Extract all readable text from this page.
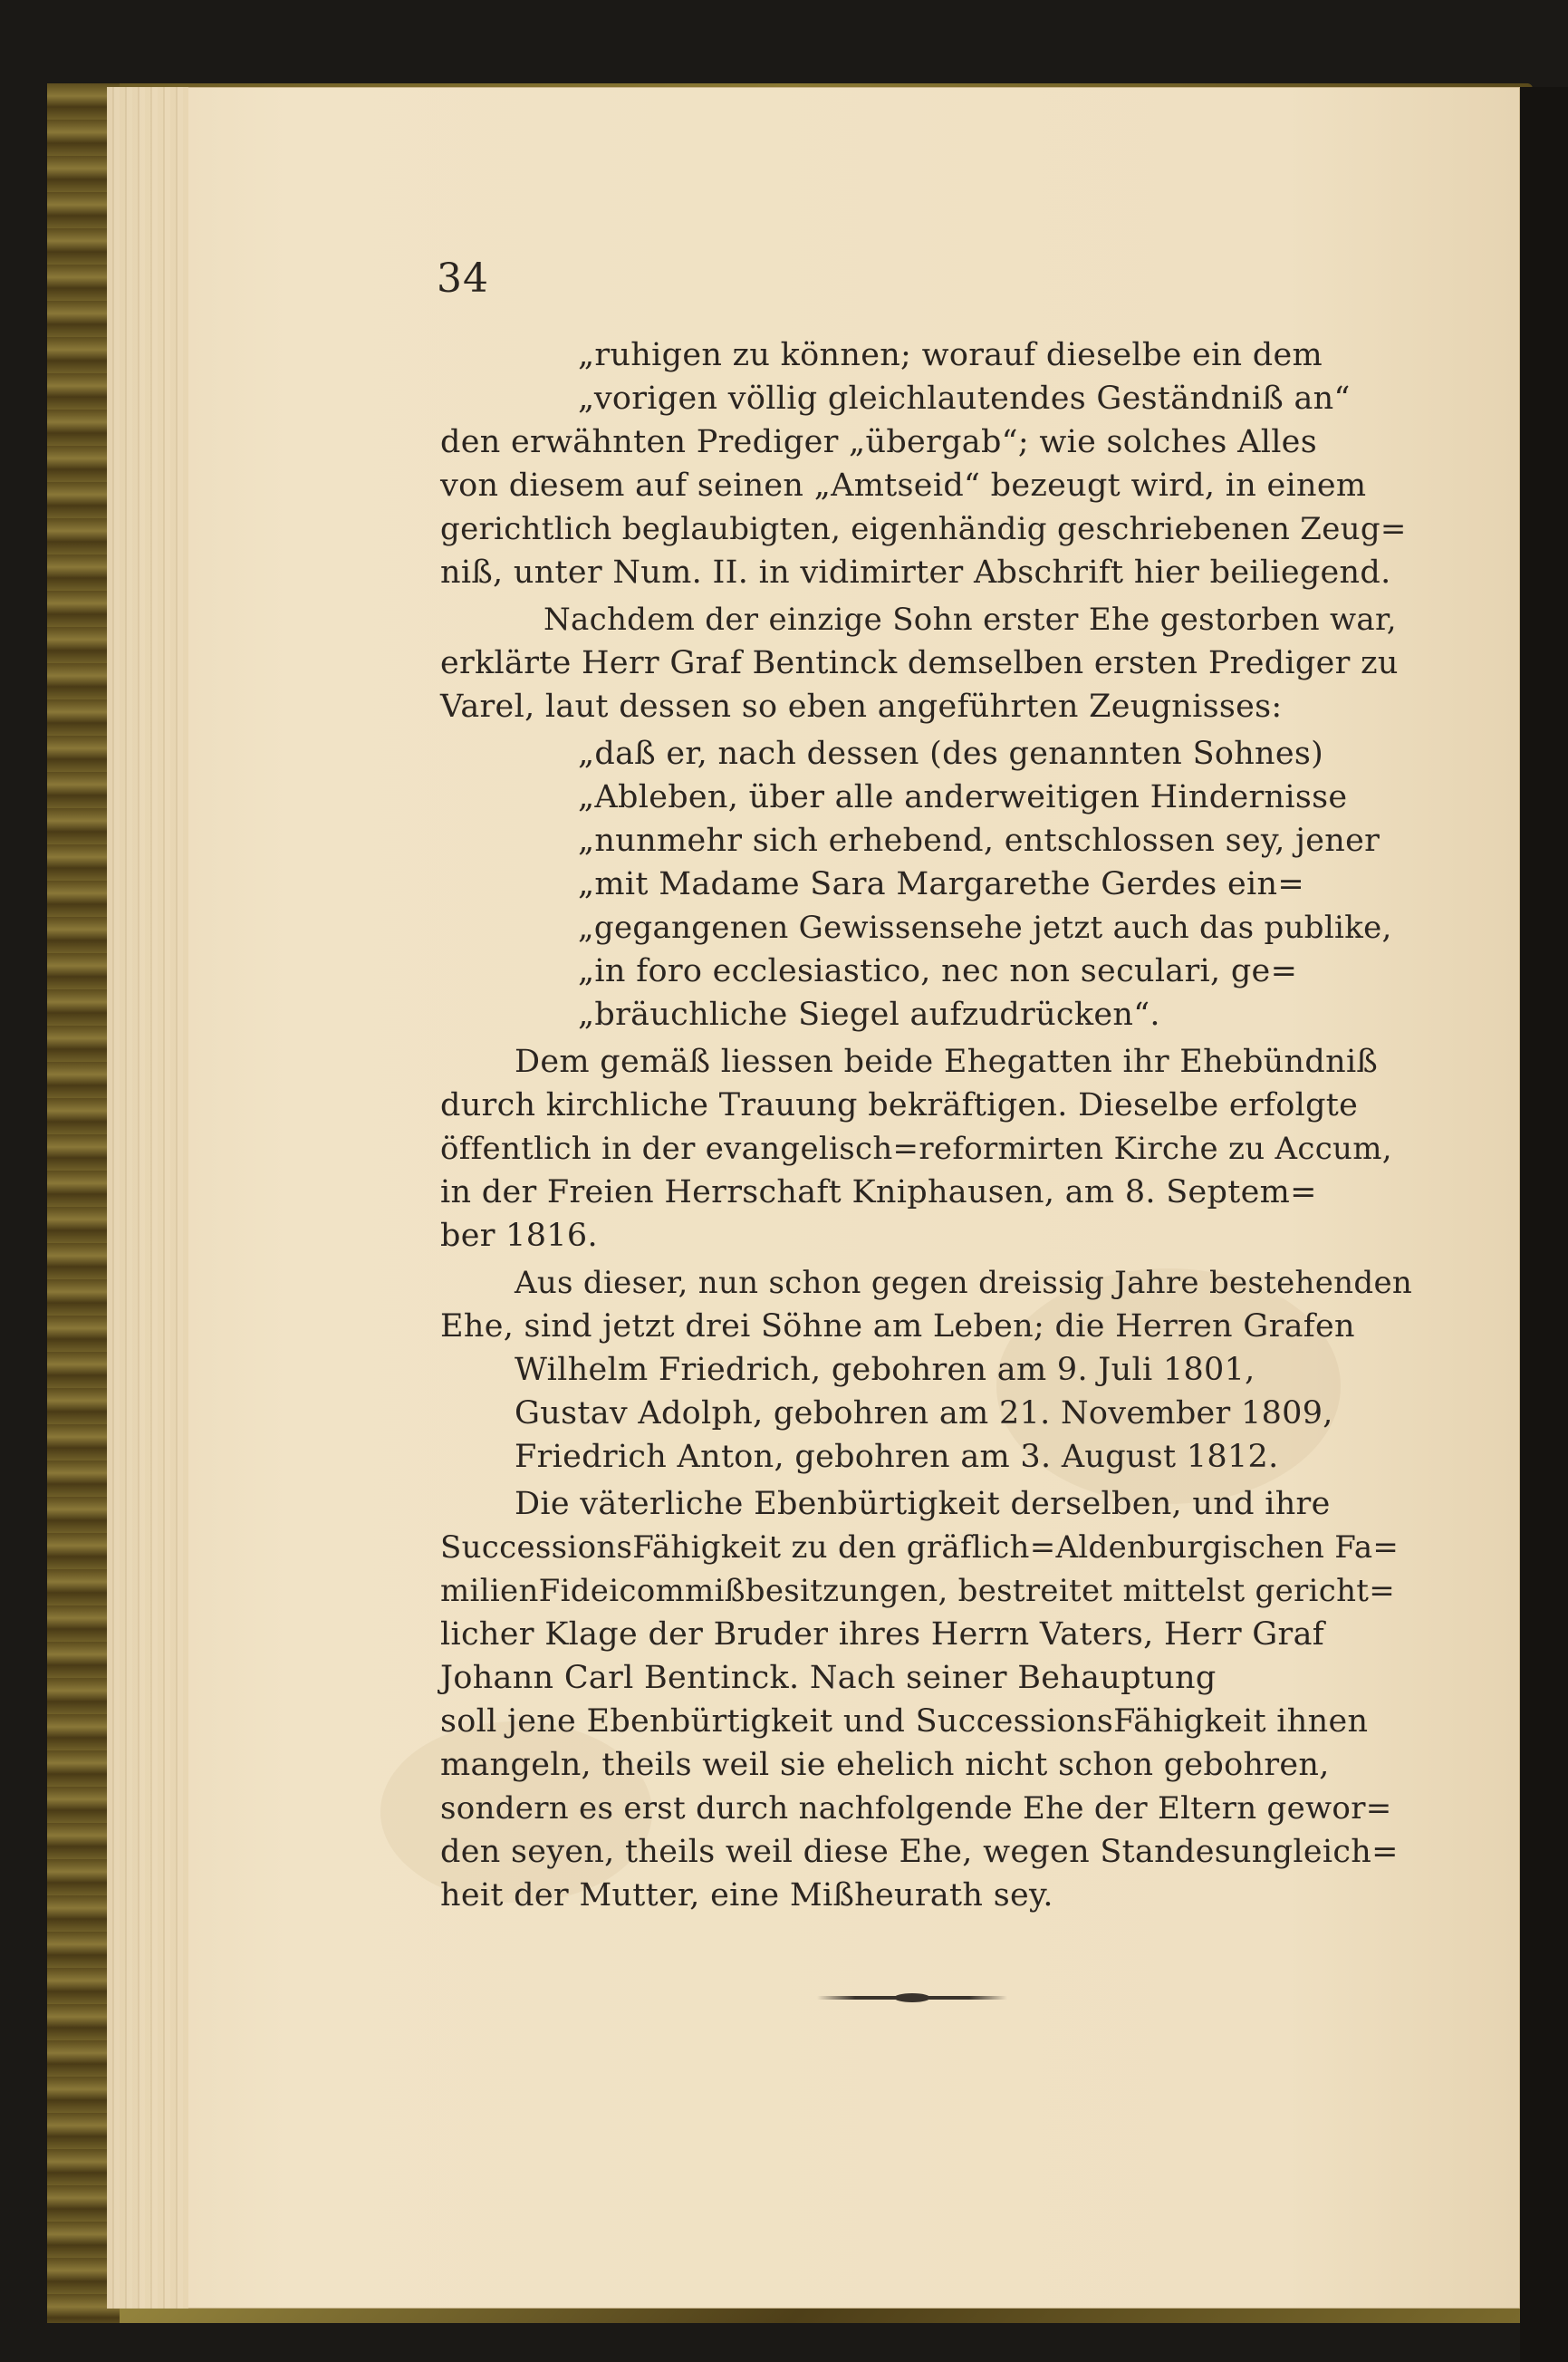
34
„ruhigen zu können; worauf dieselbe ein dem
„vorigen völlig gleichlautendes Geständniß an“
den erwähnten Prediger „übergab“; wie solches Alles
von diesem auf seinen „Amtseid“ bezeugt wird, in einem
gerichtlich beglaubigten, eigenhändig geschriebenen Zeug=
niß, unter Num. II. in vidimirter Abschrift hier beiliegend.
Nachdem der einzige Sohn erster Ehe gestorben war,
erklärte Herr Graf Bentinck demselben ersten Prediger zu
Varel, laut dessen so eben angeführten Zeugnisses:
„daß er, nach dessen (des genannten Sohnes)
„Ableben, über alle anderweitigen Hindernisse
„nunmehr sich erhebend, entschlossen sey, jener
„mit Madame Sara Margarethe Gerdes ein=
„gegangenen Gewissensehe jetzt auch das publike,
„in foro ecclesiastico, nec non seculari, ge=
„bräuchliche Siegel aufzudrücken“.
Dem gemäß liessen beide Ehegatten ihr Ehebündniß
durch kirchliche Trauung bekräftigen. Dieselbe erfolgte
öffentlich in der evangelisch=reformirten Kirche zu Accum,
in der Freien Herrschaft Kniphausen, am 8. Septem=
ber 1816.
Aus dieser, nun schon gegen dreissig Jahre bestehenden
Ehe, sind jetzt drei Söhne am Leben; die Herren Grafen
Wilhelm Friedrich, gebohren am 9. Juli 1801,
Gustav Adolph, gebohren am 21. November 1809,
Friedrich Anton, gebohren am 3. August 1812.
Die väterliche Ebenbürtigkeit derselben, und ihre
SuccessionsFähigkeit zu den gräflich=Aldenburgischen Fa=
milienFideicommißbesitzungen, bestreitet mittelst gericht=
licher Klage der Bruder ihres Herrn Vaters, Herr Graf
Johann Carl Bentinck. Nach seiner Behauptung
soll jene Ebenbürtigkeit und SuccessionsFähigkeit ihnen
mangeln, theils weil sie ehelich nicht schon gebohren,
sondern es erst durch nachfolgende Ehe der Eltern gewor=
den seyen, theils weil diese Ehe, wegen Standesungleich=
heit der Mutter, eine Mißheurath sey.
